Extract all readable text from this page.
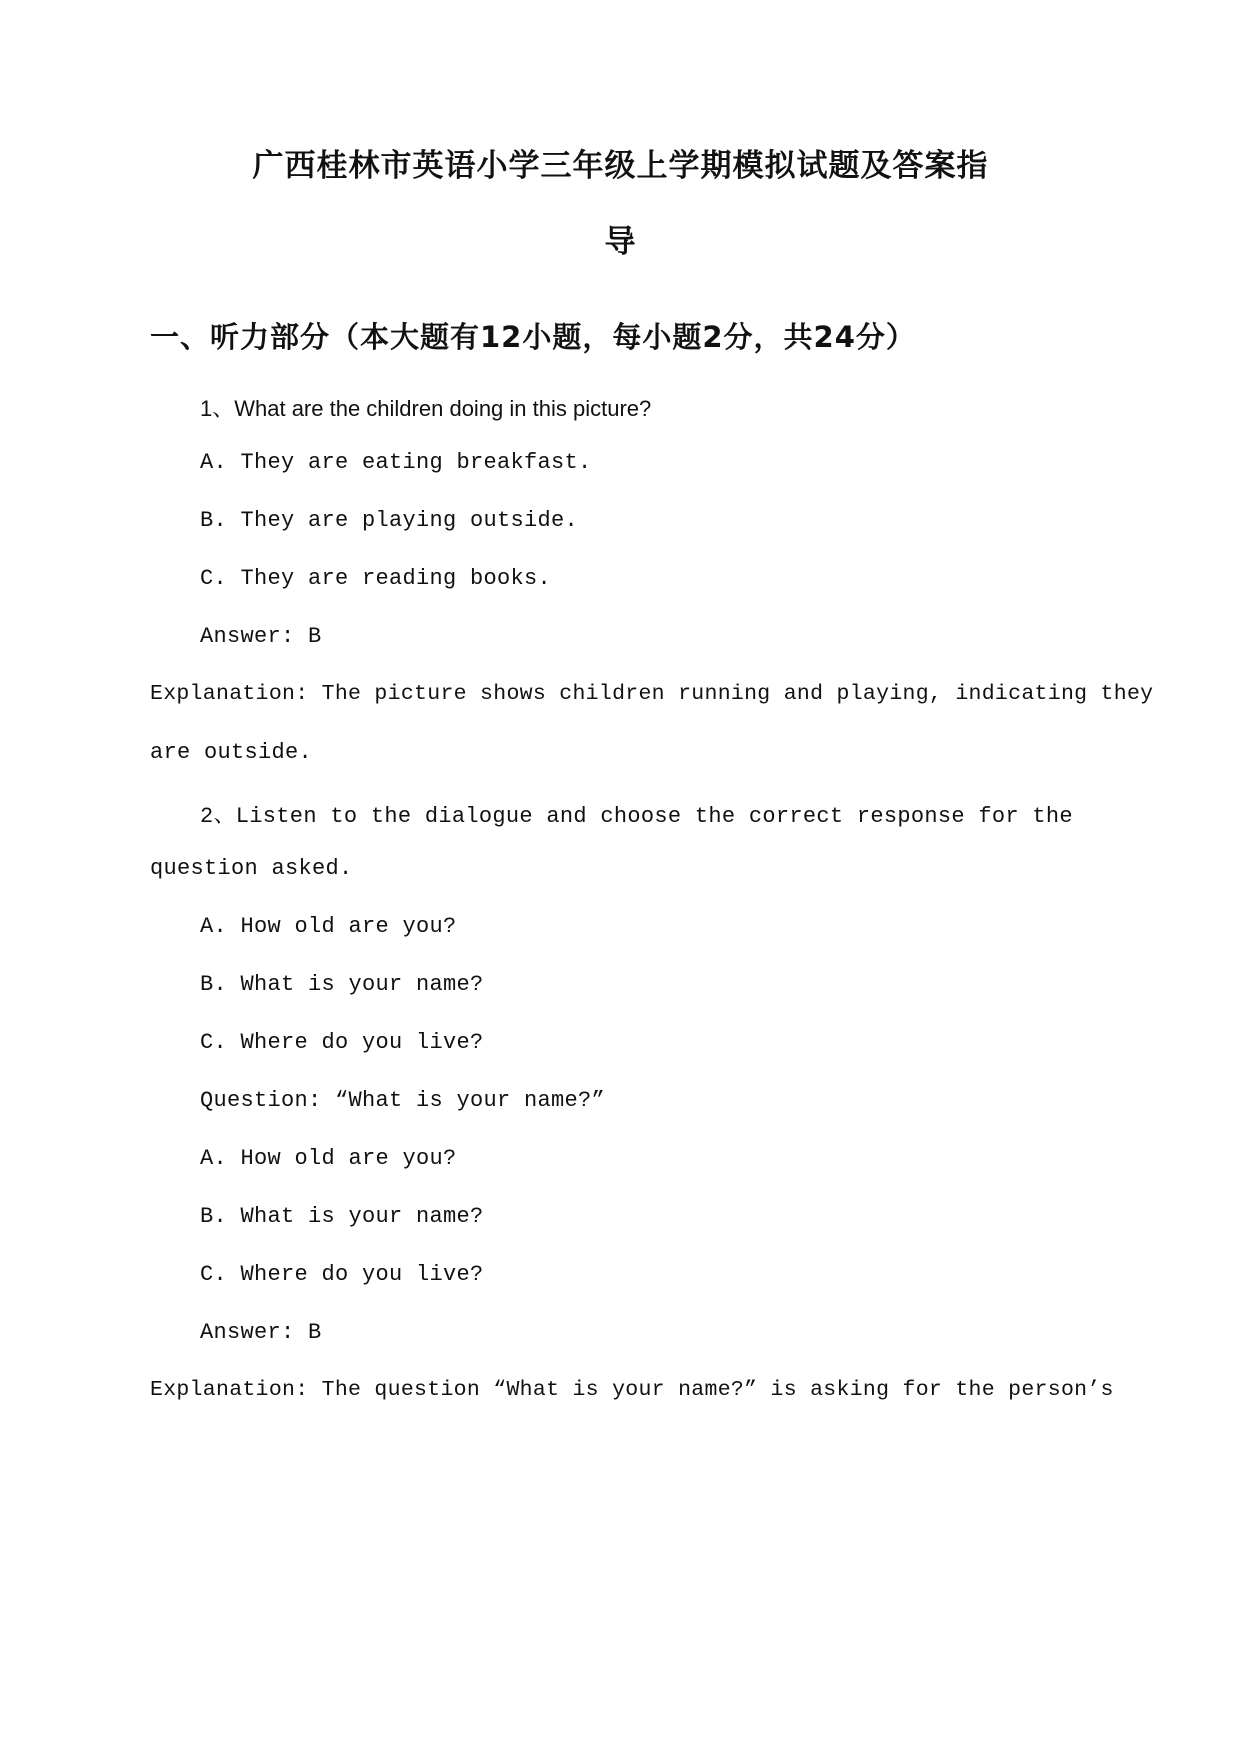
广西桂林市英语小学三年级上学期模拟试题及答案指
导
一、听力部分（本大题有12小题，每小题2分，共24分）
1、What are the children doing in this picture?
A. They are eating breakfast.
B. They are playing outside.
C. They are reading books.
Answer: B
Explanation: The picture shows children running and playing, indicating they
are outside.
2、Listen to the dialogue and choose the correct response for the
question asked.
A. How old are you?
B. What is your name?
C. Where do you live?
Question: “What is your name?”
A. How old are you?
B. What is your name?
C. Where do you live?
Answer: B
Explanation: The question “What is your name?” is asking for the person’s
